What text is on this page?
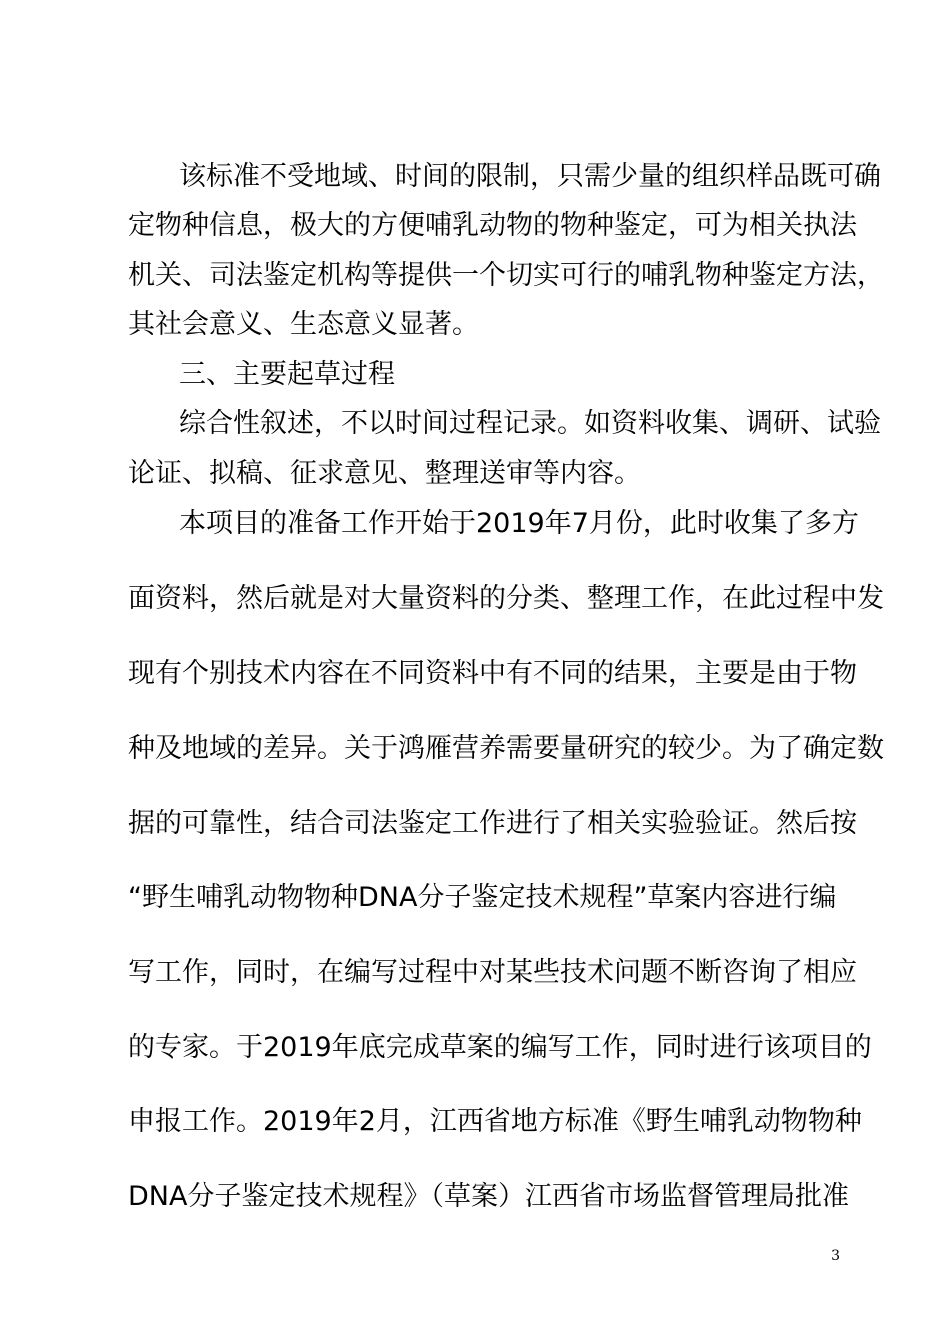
该标准不受地域、时间的限制，只需少量的组织样品既可确
定物种信息，极大的方便哺乳动物的物种鉴定，可为相关执法
机关、司法鉴定机构等提供一个切实可行的哺乳物种鉴定方法，
其社会意义、生态意义显著。
三、主要起草过程
综合性叙述，不以时间过程记录。如资料收集、调研、试验
论证、拟稿、征求意见、整理送审等内容。
本项目的准备工作开始于2019年7月份，此时收集了多方
面资料，然后就是对大量资料的分类、整理工作，在此过程中发
现有个别技术内容在不同资料中有不同的结果，主要是由于物
种及地域的差异。关于鸿雁营养需要量研究的较少。为了确定数
据的可靠性，结合司法鉴定工作进行了相关实验验证。然后按
“野生哺乳动物物种DNA分子鉴定技术规程”草案内容进行编
写工作，同时，在编写过程中对某些技术问题不断咨询了相应
的专家。于2019年底完成草案的编写工作，同时进行该项目的
申报工作。2019年2月，江西省地方标准《野生哺乳动物物种
DNA分子鉴定技术规程》（草案）江西省市场监督管理局批准
3
